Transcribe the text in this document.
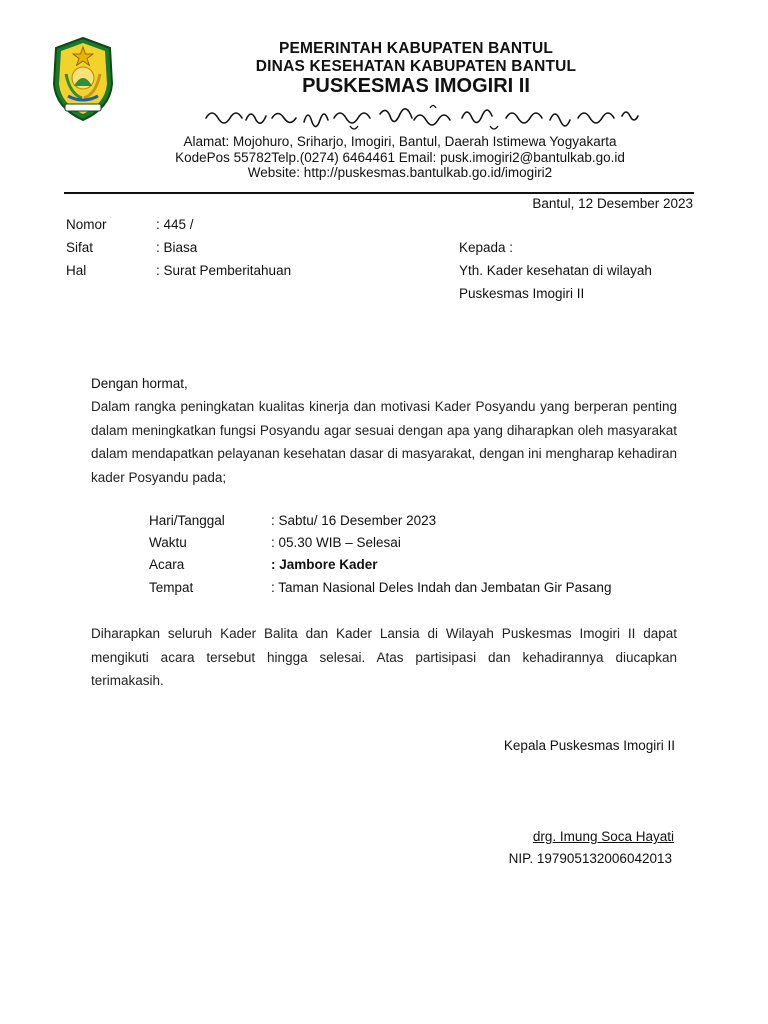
PEMERINTAH KABUPATEN BANTUL
DINAS KESEHATAN KABUPATEN BANTUL
PUSKESMAS IMOGIRI II
Alamat: Mojohuro, Sriharjo, Imogiri, Bantul, Daerah Istimewa Yogyakarta
KodePos 55782Telp.(0274) 6464461 Email: pusk.imogiri2@bantulkab.go.id
Website: http://puskesmas.bantulkab.go.id/imogiri2
Bantul, 12 Desember 2023
Nomor	: 445 /
Sifat	: Biasa
Hal	: Surat Pemberitahuan
Kepada :
Yth. Kader kesehatan di wilayah
Puskesmas Imogiri II
Dengan hormat,
Dalam rangka peningkatan kualitas kinerja dan motivasi Kader Posyandu yang berperan penting dalam meningkatkan fungsi Posyandu agar sesuai dengan apa yang diharapkan oleh masyarakat dalam mendapatkan pelayanan kesehatan dasar di masyarakat, dengan ini mengharap kehadiran kader Posyandu pada;
Hari/Tanggal	: Sabtu/ 16 Desember 2023
Waktu	: 05.30 WIB – Selesai
Acara	: Jambore Kader
Tempat	: Taman Nasional Deles Indah dan Jembatan Gir Pasang
Diharapkan seluruh Kader Balita dan Kader Lansia di Wilayah Puskesmas Imogiri II dapat mengikuti acara tersebut hingga selesai. Atas partisipasi dan kehadirannya diucapkan terimakasih.
Kepala Puskesmas Imogiri II
drg. Imung Soca Hayati
NIP. 197905132006042013
